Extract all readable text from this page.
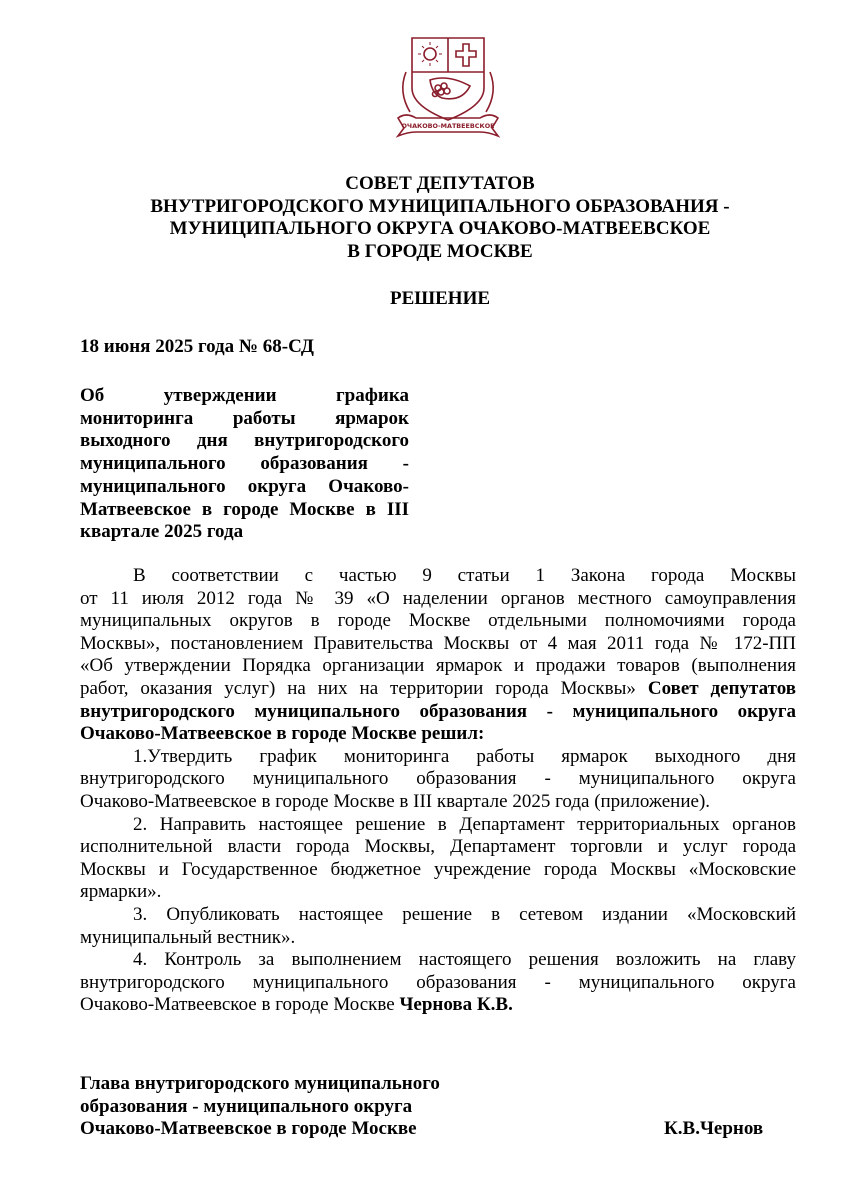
ОЧАКОВО-МАТВЕЕВСКОЕ
СОВЕТ ДЕПУТАТОВ
ВНУТРИГОРОДСКОГО МУНИЦИПАЛЬНОГО ОБРАЗОВАНИЯ -
МУНИЦИПАЛЬНОГО ОКРУГА ОЧАКОВО-МАТВЕЕВСКОЕ
В ГОРОДЕ МОСКВЕ
РЕШЕНИЕ
18 июня 2025 года № 68-СД
Об утверждении графика
мониторинга работы ярмарок
выходного дня внутригородского
муниципального образования -
муниципального округа Очаково-
Матвеевское в городе Москве в III
квартале 2025 года
В соответствии с частью 9 статьи 1 Закона города Москвы
от 11 июля 2012 года № 39 «О наделении органов местного самоуправления
муниципальных округов в городе Москве отдельными полномочиями города
Москвы», постановлением Правительства Москвы от 4 мая 2011 года № 172-ПП
«Об утверждении Порядка организации ярмарок и продажи товаров (выполнения
работ, оказания услуг) на них на территории города Москвы» Совет депутатов
внутригородского муниципального образования - муниципального округа
Очаково-Матвеевское в городе Москве решил:
1.Утвердить график мониторинга работы ярмарок выходного дня
внутригородского муниципального образования - муниципального округа
Очаково-Матвеевское в городе Москве в III квартале 2025 года (приложение).
2. Направить настоящее решение в Департамент территориальных органов
исполнительной власти города Москвы, Департамент торговли и услуг города
Москвы и Государственное бюджетное учреждение города Москвы «Московские
ярмарки».
3. Опубликовать настоящее решение в сетевом издании «Московский
муниципальный вестник».
4. Контроль за выполнением настоящего решения возложить на главу
внутригородского муниципального образования - муниципального округа
Очаково-Матвеевское в городе Москве Чернова К.В.
Глава внутригородского муниципального
образования - муниципального округа
Очаково-Матвеевское в городе Москве	К.В.Чернов
